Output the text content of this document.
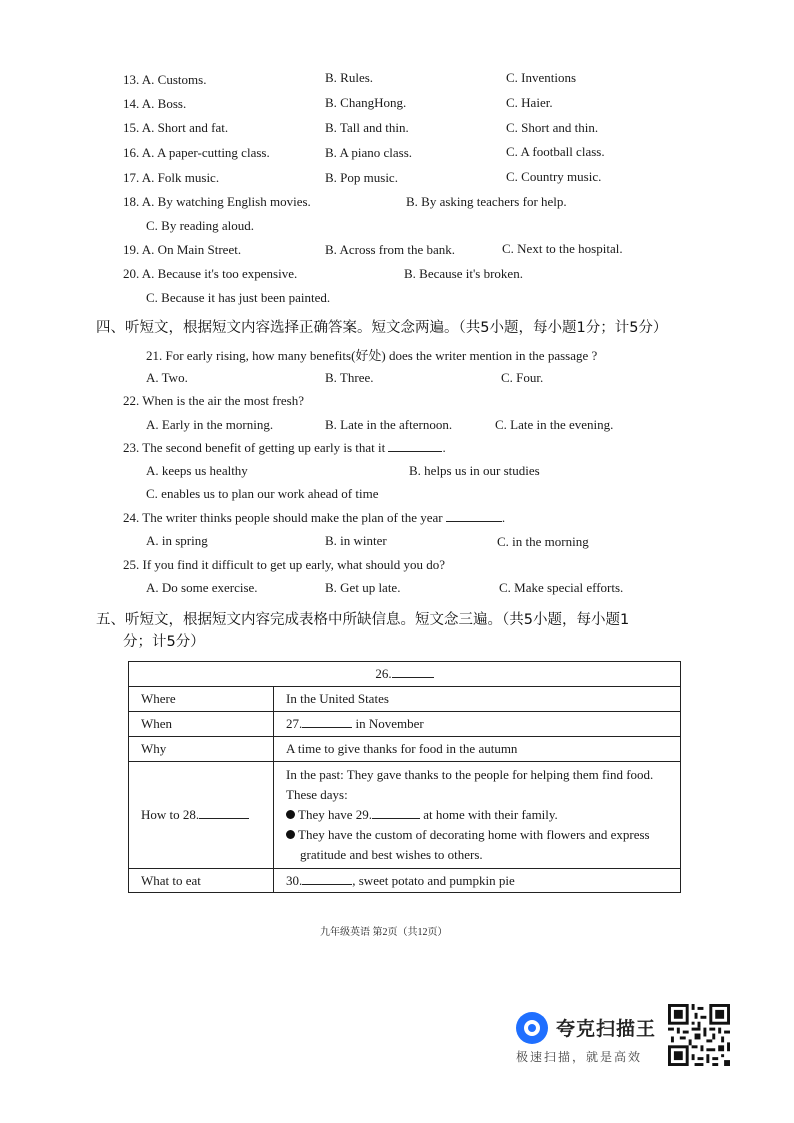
13. A. Customs.	B. Rules.	C. Inventions
14. A. Boss.	B. ChangHong.	C. Haier.
15. A. Short and fat.	B. Tall and thin.	C. Short and thin.
16. A. A paper-cutting class.	B. A piano class.	C. A football class.
17. A. Folk music.	B. Pop music.	C. Country music.
18. A. By watching English movies.	B. By asking teachers for help.
C. By reading aloud.
19. A. On Main Street.	B. Across from the bank.	C. Next to the hospital.
20. A. Because it's too expensive.	B. Because it's broken.
C. Because it has just been painted.
四、听短文，根据短文内容选择正确答案。短文念两遍。（共5小题，每小题1分；计5分）
21. For early rising, how many benefits(好处) does the writer mention in the passage ?
A. Two.	B. Three.	C. Four.
22. When is the air the most fresh?
A. Early in the morning.	B. Late in the afternoon.	C. Late in the evening.
23. The second benefit of getting up early is that it	.
A. keeps us healthy	B. helps us in our studies
C. enables us to plan our work ahead of time
24. The writer thinks people should make the plan of the year	.
A. in spring	B. in winter	C. in the morning
25. If you find it difficult to get up early, what should you do?
A. Do some exercise.	B. Get up late.	C. Make special efforts.
五、听短文，根据短文内容完成表格中所缺信息。短文念三遍。（共5小题，每小题1
分；计5分）
26.	
Where	In the United States
When	27. in November
Why	A time to give thanks for food in the autumn
How to 28.	In the past: They gave thanks to the people for helping them find food.
These days:
They have 29. at home with their family.
They have the custom of decorating home with flowers and express
gratitude and best wishes to others.

What to eat	30. , sweet potato and pumpkin pie
九年级英语 第2页（共12页）
夸克扫描王
极速扫描，就是高效
